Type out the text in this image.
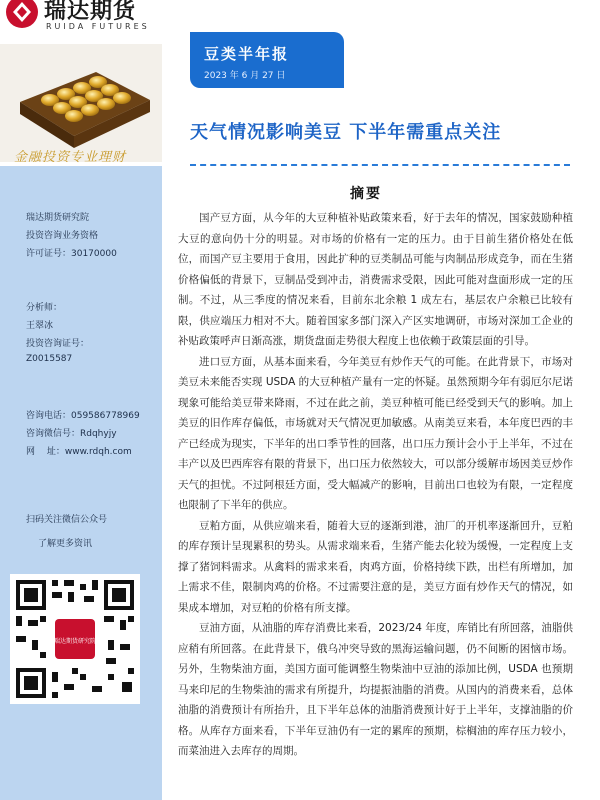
瑞达期货
RUIDA FUTURES
金融投资专业理财
瑞达期货研究院
投资咨询业务资格
许可证号：30170000
分析师：
王翠冰
投资咨询证号：
Z0015587
咨询电话：059586778969
咨询微信号：Rdqhyjy
网　 址：www.rdqh.com
扫码关注微信公众号
了解更多资讯
瑞达期货研究院
豆类半年报
2023 年 6 月 27 日
天气情况影响美豆 下半年需重点关注
摘要

国产豆方面，从今年的大豆种植补贴政策来看，好于去年的情况，国家鼓励种植大豆的意向仍十分的明显。对市场的价格有一定的压力。由于目前生猪价格处在低位，而国产豆主要用于食用，因此扩种的豆类制品可能与肉制品形成竞争，而在生猪价格偏低的背景下，豆制品受到冲击，消费需求受限，因此可能对盘面形成一定的压制。不过，从三季度的情况来看，目前东北余粮 1 成左右，基层农户余粮已比较有限，供应端压力相对不大。随着国家多部门深入产区实地调研，市场对深加工企业的补贴政策呼声日渐高涨，期货盘面走势很大程度上也依赖于政策层面的引导。

进口豆方面，从基本面来看，今年美豆有炒作天气的可能。在此背景下，市场对美豆未来能否实现 USDA 的大豆种植产量有一定的怀疑。虽然预期今年有弱厄尔尼诺现象可能给美豆带来降雨，不过在此之前，美豆种植可能已经受到天气的影响。加上美豆的旧作库存偏低，市场就对天气情况更加敏感。从南美豆来看，本年度巴西的丰产已经成为现实，下半年的出口季节性的回落，出口压力预计会小于上半年，不过在丰产以及巴西库容有限的背景下，出口压力依然较大，可以部分缓解市场因美豆炒作天气的担忧。不过阿根廷方面，受大幅减产的影响，目前出口也较为有限，一定程度也限制了下半年的供应。

豆粕方面，从供应端来看，随着大豆的逐渐到港，油厂的开机率逐渐回升，豆粕的库存预计呈现累积的势头。从需求端来看，生猪产能去化较为缓慢，一定程度上支撑了猪饲料需求。从禽料的需求来看，肉鸡方面，价格持续下跌，出栏有所增加，加上需求不佳，限制肉鸡的价格。不过需要注意的是，美豆方面有炒作天气的情况，如果成本增加，对豆粕的价格有所支撑。

豆油方面，从油脂的库存消费比来看，2023/24 年度，库销比有所回落，油脂供应稍有所回落。在此背景下，俄乌冲突导致的黑海运输问题，仍不间断的困恼市场。另外，生物柴油方面，美国方面可能调整生物柴油中豆油的添加比例，USDA 也预期马来印尼的生物柴油的需求有所提升，均提振油脂的消费。从国内的消费来看，总体油脂的消费预计有所抬升，且下半年总体的油脂消费预计好于上半年，支撑油脂的价格。从库存方面来看，下半年豆油仍有一定的累库的预期，棕榈油的库存压力较小，而菜油进入去库存的周期。
